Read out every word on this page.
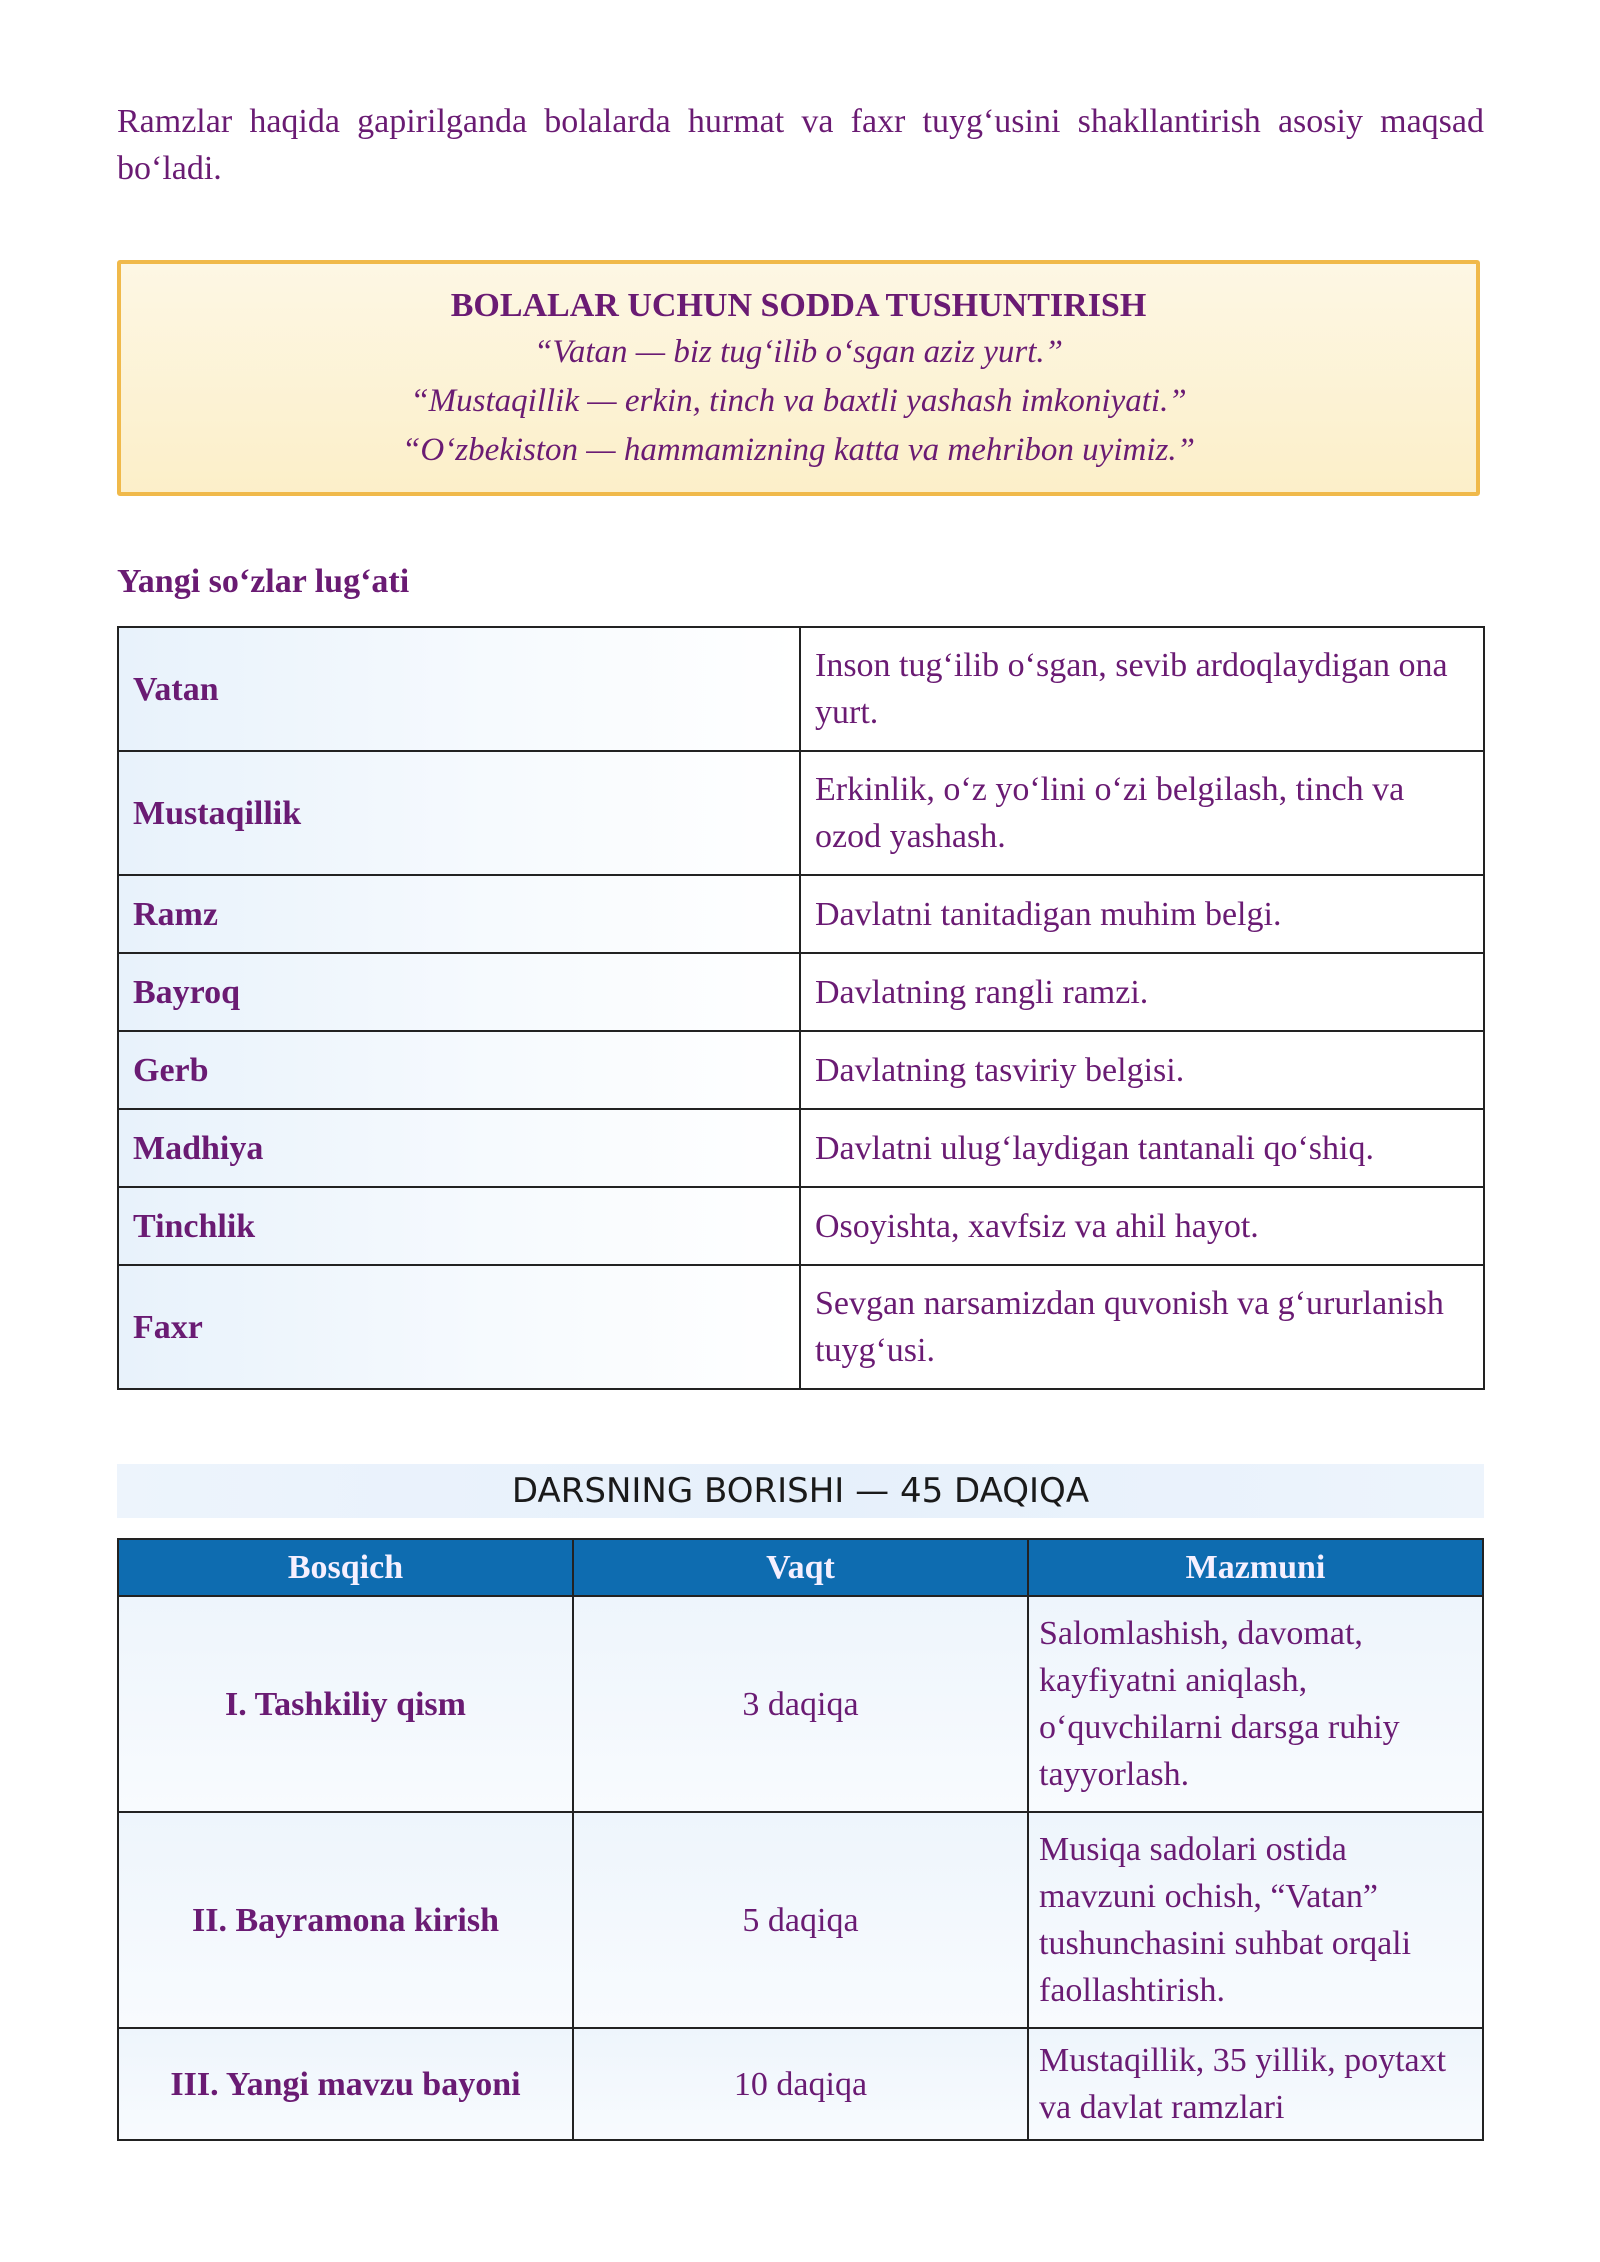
Ramzlar haqida gapirilganda bolalarda hurmat va faxr tuyg‘usini shakllantirish asosiy maqsad bo‘ladi.
BOLALAR UCHUN SODDA TUSHUNTIRISH

“Vatan — biz tug‘ilib o‘sgan aziz yurt.”

“Mustaqillik — erkin, tinch va baxtli yashash imkoniyati.”

“O‘zbekiston — hammamizning katta va mehribon uyimiz.”

Yangi so‘zlar lug‘ati
Vatan	Inson tug‘ilib o‘sgan, sevib ardoqlaydigan ona yurt.
Mustaqillik	Erkinlik, o‘z yo‘lini o‘zi belgilash, tinch va ozod yashash.
Ramz	Davlatni tanitadigan muhim belgi.
Bayroq	Davlatning rangli ramzi.
Gerb	Davlatning tasviriy belgisi.
Madhiya	Davlatni ulug‘laydigan tantanali qo‘shiq.
Tinchlik	Osoyishta, xavfsiz va ahil hayot.
Faxr	Sevgan narsamizdan quvonish va g‘ururlanish tuyg‘usi.
DARSNING BORISHI — 45 DAQIQA
Bosqich	Vaqt	Mazmuni
I. Tashkiliy qism	3 daqiqa	Salomlashish, davomat, kayfiyatni aniqlash, o‘quvchilarni darsga ruhiy tayyorlash.
II. Bayramona kirish	5 daqiqa	Musiqa sadolari ostida mavzuni ochish, “Vatan” tushunchasini suhbat orqali faollashtirish.
III. Yangi mavzu bayoni	10 daqiqa	Mustaqillik, 35 yillik, poytaxt va davlat ramzlari
